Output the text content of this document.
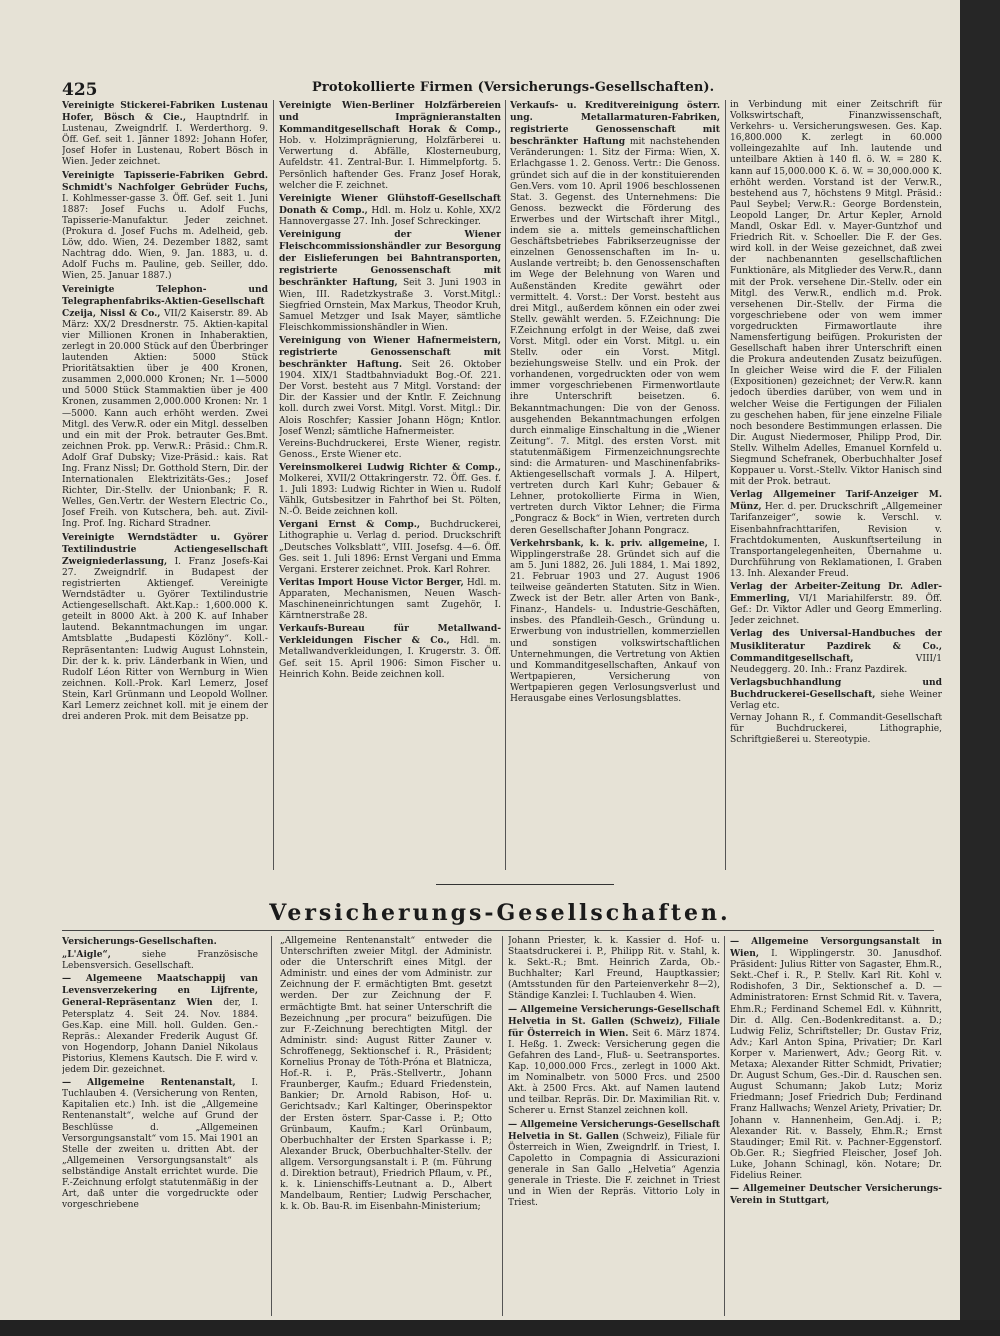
425	Protokollierte Firmen (Versicherungs-Gesellschaften).
Vereinigte Stickerei-Fabriken Lustenau Hofer, Bösch & Cie., Hauptndrlf. in Lustenau, Zweigndrlf. I. Werderthorg. 9. Öff. Gef. seit 1. Jänner 1892: Johann Hofer, Josef Hofer in Lustenau, Robert Bösch in Wien. Jeder zeichnet.
Vereinigte Tapisserie-Fabriken Gebrd. Schmidt's Nachfolger Gebrüder Fuchs, I. Kohlmesser-gasse 3. Öff. Gef. seit 1. Juni 1887: Josef Fuchs u. Adolf Fuchs, Tapisserie-Manufaktur. Jeder zeichnet. (Prokura d. Josef Fuchs m. Adelheid, geb. Löw, ddo. Wien, 24. Dezember 1882, samt Nachtrag ddo. Wien, 9. Jan. 1883, u. d. Adolf Fuchs m. Pauline, geb. Seiller, ddo. Wien, 25. Januar 1887.)
Vereinigte Telephon- und Telegraphenfabriks-Aktien-Gesellschaft Czeija, Nissl & Co., VII/2 Kaiserstr. 89. Ab März: XX/2 Dresdnerstr. 75. Aktien-kapital vier Millionen Kronen in Inhaberaktien, zerlegt in 20.000 Stück auf den Überbringer lautenden Aktien: 5000 Stück Prioritätsaktien über je 400 Kronen, zusammen 2,000.000 Kronen; Nr. 1—5000 und 5000 Stück Stammaktien über je 400 Kronen, zusammen 2,000.000 Kronen: Nr. 1—5000. Kann auch erhöht werden. Zwei Mitgl. des Verw.R. oder ein Mitgl. desselben und ein mit der Prok. betrauter Ges.Bmt. zeichnen Prok. pp. Verw.R.: Präsid.: Chm.R. Adolf Graf Dubsky; Vize-Präsid.: kais. Rat Ing. Franz Nissl; Dr. Gotthold Stern, Dir. der Internationalen Elektrizitäts-Ges.; Josef Richter, Dir.-Stellv. der Unionbank; F. R. Welles, Gen.Vertr. der Western Electric Co., Josef Freih. von Kutschera, beh. aut. Zivil-Ing. Prof. Ing. Richard Stradner.
Vereinigte Werndstädter u. Györer Textilindustrie Actiengesellschaft Zweigniederlassung, I. Franz Josefs-Kai 27. Zweigndrlf. in Budapest der registrierten Aktiengef. Vereinigte Werndstädter u. Györer Textilindustrie Actiengesellschaft. Akt.Kap.: 1,600.000 K. geteilt in 8000 Akt. à 200 K. auf Inhaber lautend. Bekanntmachungen im ungar. Amtsblatte „Budapesti Közlöny“. Koll.-Repräsentanten: Ludwig August Lohnstein, Dir. der k. k. priv. Länderbank in Wien, und Rudolf Léon Ritter von Wernburg in Wien zeichnen. Koll.-Prok. Karl Lemerz, Josef Stein, Karl Grünmann und Leopold Wollner. Karl Lemerz zeichnet koll. mit je einem der drei anderen Prok. mit dem Beisatze pp.
Vereinigte Wien-Berliner Holzfärbereien und Imprägnieranstalten Kommanditgesellschaft Horak & Comp., Hob. v. Holzimprägnierung, Holzfärberei u. Verwertung d. Abfälle, Klosterneuburg, Aufeldstr. 41. Zentral-Bur. I. Himmelpfortg. 5. Persönlich haftender Ges. Franz Josef Horak, welcher die F. zeichnet.
Vereinigte Wiener Glühstoff-Gesellschaft Donath & Comp., Hdl. m. Holz u. Kohle, XX/2 Hannovergasse 27. Inh. Josef Schreckinger.
Vereinigung der Wiener Fleischcommissionshändler zur Besorgung der Eislieferungen bei Bahntransporten, registrierte Genossenschaft mit beschränkter Haftung, Seit 3. Juni 1903 in Wien, III. Radetzkystraße 3. Vorst.Mitgl.: Siegfried Ornstein, Max Markus, Theodor Kruh, Samuel Metzger und Isak Mayer, sämtliche Fleischkommissionshändler in Wien.
Vereinigung von Wiener Hafnermeistern, registrierte Genossenschaft mit beschränkter Haftung. Seit 26. Oktober 1904. XIX/1 Stadtbahnviadukt Bog.-Of. 221. Der Vorst. besteht aus 7 Mitgl. Vorstand: der Dir. der Kassier und der Kntlr. F. Zeichnung koll. durch zwei Vorst. Mitgl. Vorst. Mitgl.: Dir. Alois Roschfer; Kassier Johann Högn; Kntlor. Josef Wenzl; sämtliche Hafnermeister.
Vereins-Buchdruckerei, Erste Wiener, registr. Genoss., Erste Wiener etc.
Vereinsmolkerei Ludwig Richter & Comp., Molkerei, XVII/2 Ottakringerstr. 72. Öff. Ges. f. 1. Juli 1893: Ludwig Richter in Wien u. Rudolf Vählk, Gutsbesitzer in Fahrthof bei St. Pölten, N.-Ö. Beide zeichnen koll.
Vergani Ernst & Comp., Buchdruckerei, Lithographie u. Verlag d. period. Druckschrift „Deutsches Volksblatt“, VIII. Josefsg. 4—6. Öff. Ges. seit 1. Juli 1896: Ernst Vergani und Emma Vergani. Ersterer zeichnet. Prok. Karl Rohrer.
Veritas Import House Victor Berger, Hdl. m. Apparaten, Mechanismen, Neuen Wasch-Maschineneinrichtungen samt Zugehör, I. Kärntnerstraße 28.
Verkaufs-Bureau für Metallwand-Verkleidungen Fischer & Co., Hdl. m. Metallwandverkleidungen, I. Krugerstr. 3. Öff. Gef. seit 15. April 1906: Simon Fischer u. Heinrich Kohn. Beide zeichnen koll.
Verkaufs- u. Kreditvereinigung österr. ung. Metallarmaturen-Fabriken, registrierte Genossenschaft mit beschränkter Haftung mit nachstehenden Veränderungen: 1. Sitz der Firma: Wien, X. Erlachgasse 1. 2. Genoss. Vertr.: Die Genoss. gründet sich auf die in der konstituierenden Gen.Vers. vom 10. April 1906 beschlossenen Stat. 3. Gegenst. des Unternehmens: Die Genoss. bezweckt die Förderung des Erwerbes und der Wirtschaft ihrer Mitgl., indem sie a. mittels gemeinschaftlichen Geschäftsbetriebes Fabrikserzeugnisse der einzelnen Genossenschaften im In- u. Auslande vertreibt; b. den Genossenschaften im Wege der Belehnung von Waren und Außenständen Kredite gewährt oder vermittelt. 4. Vorst.: Der Vorst. besteht aus drei Mitgl., außerdem können ein oder zwei Stellv. gewählt werden. 5. F.Zeichnung: Die F.Zeichnung erfolgt in der Weise, daß zwei Vorst. Mitgl. oder ein Vorst. Mitgl. u. ein Stellv. oder ein Vorst. Mitgl. beziehungsweise Stellv. und ein Prok. der vorhandenen, vorgedruckten oder von wem immer vorgeschriebenen Firmenwortlaute ihre Unterschrift beisetzen. 6. Bekanntmachungen: Die von der Genoss. ausgehenden Bekanntmachungen erfolgen durch einmalige Einschaltung in die „Wiener Zeitung“. 7. Mitgl. des ersten Vorst. mit statutenmäßigem Firmenzeichnungsrechte sind: die Armaturen- und Maschinenfabriks-Aktiengesellschaft vormals J. A. Hilpert, vertreten durch Karl Kuhr; Gebauer & Lehner, protokollierte Firma in Wien, vertreten durch Viktor Lehner; die Firma „Pongracz & Bock“ in Wien, vertreten durch deren Gesellschafter Johann Pongracz.
Verkehrsbank, k. k. priv. allgemeine, I. Wipplingerstraße 28. Gründet sich auf die am 5. Juni 1882, 26. Juli 1884, 1. Mai 1892, 21. Februar 1903 und 27. August 1906 teilweise geänderten Statuten. Sitz in Wien. Zweck ist der Betr. aller Arten von Bank-, Finanz-, Handels- u. Industrie-Geschäften, insbes. des Pfandleih-Gesch., Gründung u. Erwerbung von industriellen, kommerziellen und sonstigen volkswirtschaftlichen Unternehmungen, die Vertretung von Aktien und Kommanditgesellschaften, Ankauf von Wertpapieren, Versicherung von Wertpapieren gegen Verlosungsverlust und Herausgabe eines Verlosungsblattes.
in Verbindung mit einer Zeitschrift für Volkswirtschaft, Finanzwissenschaft, Verkehrs- u. Versicherungswesen. Ges. Kap. 16,800.000 K. zerlegt in 60.000 volleingezahlte auf Inh. lautende und unteilbare Aktien à 140 fl. ö. W. = 280 K. kann auf 15,000.000 K. ö. W. = 30,000.000 K. erhöht werden. Vorstand ist der Verw.R., bestehend aus 7, höchstens 9 Mitgl. Präsid.: Paul Seybel; Verw.R.: George Bordenstein, Leopold Langer, Dr. Artur Kepler, Arnold Mandl, Oskar Edl. v. Mayer-Guntzhof und Friedrich Rit. v. Schoeller. Die F. der Ges. wird koll. in der Weise gezeichnet, daß zwei der nachbenannten gesellschaftlichen Funktionäre, als Mitglieder des Verw.R., dann mit der Prok. versehene Dir.-Stellv. oder ein Mitgl. des Verw.R., endlich m.d. Prok. versehenen Dir.-Stellv. der Firma die vorgeschriebene oder von wem immer vorgedruckten Firmawortlaute ihre Namensfertigung beifügen. Prokuristen der Gesellschaft haben ihrer Unterschrift einen die Prokura andeutenden Zusatz beizufügen. In gleicher Weise wird die F. der Filialen (Expositionen) gezeichnet; der Verw.R. kann jedoch überdies darüber, von wem und in welcher Weise die Fertigungen der Filialen zu geschehen haben, für jene einzelne Filiale noch besondere Bestimmungen erlassen. Die Dir. August Niedermoser, Philipp Prod, Dir. Stellv. Wilhelm Adelles, Emanuel Kornfeld u. Siegmund Schefranek, Oberbuchhalter Josef Koppauer u. Vorst.-Stellv. Viktor Hanisch sind mit der Prok. betraut.
Verlag Allgemeiner Tarif-Anzeiger M. Münz, Her. d. per. Druckschrift „Allgemeiner Tarifanzeiger“, sowie k. Verschl. v. Eisenbahnfrachttarifen, Revision v. Frachtdokumenten, Auskunftserteilung in Transportangelegenheiten, Übernahme u. Durchführung von Reklamationen, I. Graben 13. Inh. Alexander Freud.
Verlag der Arbeiter-Zeitung Dr. Adler-Emmerling, VI/1 Mariahilferstr. 89. Öff. Gef.: Dr. Viktor Adler und Georg Emmerling. Jeder zeichnet.
Verlag des Universal-Handbuches der Musikliteratur Pazdirek & Co., Commanditgesellschaft,	VIII/1 Neudeggerg. 20. Inh.: Franz Pazdirek.
Verlagsbuchhandlung und Buchdruckerei-Gesellschaft, siehe Weiner Verlag etc.
Vernay Johann R., f. Commandit-Gesellschaft für Buchdruckerei, Lithographie, Schriftgießerei u. Stereotypie.
Versicherungs-Gesellschaften.
Versicherungs-Gesellschaften.
„L'Aigle“,	siehe Französische Lebensversich. Gesellschaft.
— Algemeene Maatschappij van Levensverzekering en Lijfrente, General-Repräsentanz Wien der, I. Petersplatz 4. Seit 24. Nov. 1884. Ges.Kap. eine Mill. holl. Gulden. Gen.-Repräs.: Alexander Frederik August Gf. von Hogendorp, Johann Daniel Nikolaus Pistorius, Klemens Kautsch. Die F. wird v. jedem Dir. gezeichnet.
— Allgemeine Rentenanstalt, I. Tuchlauben 4. (Versicherung von Renten, Kapitalien etc.) Inh. ist die „Allgemeine Rentenanstalt“, welche auf Grund der Beschlüsse d. „Allgemeinen Versorgungsanstalt“ vom 15. Mai 1901 an Stelle der zweiten u. dritten Abt. der „Allgemeinen Versorgungsanstalt“ als selbständige Anstalt errichtet wurde. Die F.-Zeichnung erfolgt statutenmäßig in der Art, daß unter die vorgedruckte oder vorgeschriebene
„Allgemeine Rentenanstalt“ entweder die Unterschriften zweier Mitgl. der Administr. oder die Unterschrift eines Mitgl. der Administr. und eines der vom Administr. zur Zeichnung der F. ermächtigten Bmt. gesetzt werden. Der zur Zeichnung der F. ermächtigte Bmt. hat seiner Unterschrift die Bezeichnung „per procura“ beizufügen. Die zur F.-Zeichnung berechtigten Mitgl. der Administr. sind: August Ritter Zauner v. Schroffenegg, Sektionschef i. R., Präsident; Kornelius Pronay de Tóth-Próna et Blatnicza, Hof.-R. i. P., Präs.-Stellvertr., Johann Fraunberger, Kaufm.; Eduard Friedenstein, Bankier; Dr. Arnold Rabison, Hof- u. Gerichtsadv.; Karl Kaltinger, Oberinspektor der Ersten österr. Spar-Casse i. P.; Otto Grünbaum, Kaufm.; Karl Orünbaum, Oberbuchhalter der Ersten Sparkasse i. P.; Alexander Bruck, Oberbuchhalter-Stellv. der allgem. Versorgungsanstalt i. P. (m. Führung d. Direktion betraut), Friedrich Pflaum, v. Pf., k. k. Linienschiffs-Leutnant a. D., Albert Mandelbaum, Rentier; Ludwig Perschacher, k. k. Ob. Bau-R. im Eisenbahn-Ministerium;
Johann Priester, k. k. Kassier d. Hof- u. Staatsdruckerei i. P., Philipp Rit. v. Stahl, k. k. Sekt.-R.; Bmt. Heinrich Zarda, Ob.-Buchhalter; Karl Freund, Hauptkassier; (Amtsstunden für den Parteienverkehr 8—2), Ständige Kanzlei: I. Tuchlauben 4. Wien.
— Allgemeine Versicherungs-Gesellschaft Helvetia in St. Gallen (Schweiz), Filiale für Österreich in Wien. Seit 6. März 1874. I. Heßg. 1. Zweck: Versicherung gegen die Gefahren des Land-, Fluß- u. Seetransportes. Kap. 10,000.000 Frcs., zerlegt in 1000 Akt. im Nominalbetr. von 5000 Frcs. und 2500 Akt. à 2500 Frcs. Akt. auf Namen lautend und teilbar. Repräs. Dir. Dr. Maximilian Rit. v. Scherer u. Ernst Stanzel zeichnen koll.
— Allgemeine Versicherungs-Gesellschaft Helvetia in St. Gallen (Schweiz), Filiale für Österreich in Wien, Zweigndrlf. in Triest, I. Capoletto in Compagnia di Assicurazioni generale in San Gallo „Helvetia“ Agenzia generale in Trieste. Die F. zeichnet in Triest und in Wien der Repräs. Vittorio Loly in Triest.
— Allgemeine Versorgungsanstalt in Wien, I. Wipplingerstr. 30. Janusdhof. Präsident: Julius Ritter von Sagaster, Ehm.R., Sekt.-Chef i. R., P. Stellv. Karl Rit. Kohl v. Rodishofen, 3 Dir., Sektionschef a. D. — Administratoren: Ernst Schmid Rit. v. Tavera, Ehm.R.; Ferdinand Schemel Edl. v. Kühnritt, Dir. d. Allg. Cen.-Bodenkreditanst. a. D.; Ludwig Feliz, Schriftsteller; Dr. Gustav Friz, Adv.; Karl Anton Spina, Privatier; Dr. Karl Korper v. Marienwert, Adv.; Georg Rit. v. Metaxa; Alexander Ritter Schmidt, Privatier; Dr. August Schum, Ges.-Dir. d. Rauschen sen. August Schumann; Jakob Lutz; Moriz Friedmann; Josef Friedrich Dub; Ferdinand Franz Hallwachs; Wenzel Ariety, Privatier; Dr. Johann v. Hannenheim, Gen.Adj. i. P.; Alexander Rit. v. Bassely, Ehm.R.; Ernst Staudinger; Emil Rit. v. Pachner-Eggenstorf. Ob.Ger. R.; Siegfried Fleischer, Josef Joh. Luke, Johann Schinagl, kön. Notare; Dr. Fidelius Reiner.
— Allgemeiner Deutscher Versicherungs-Verein in Stuttgart,
